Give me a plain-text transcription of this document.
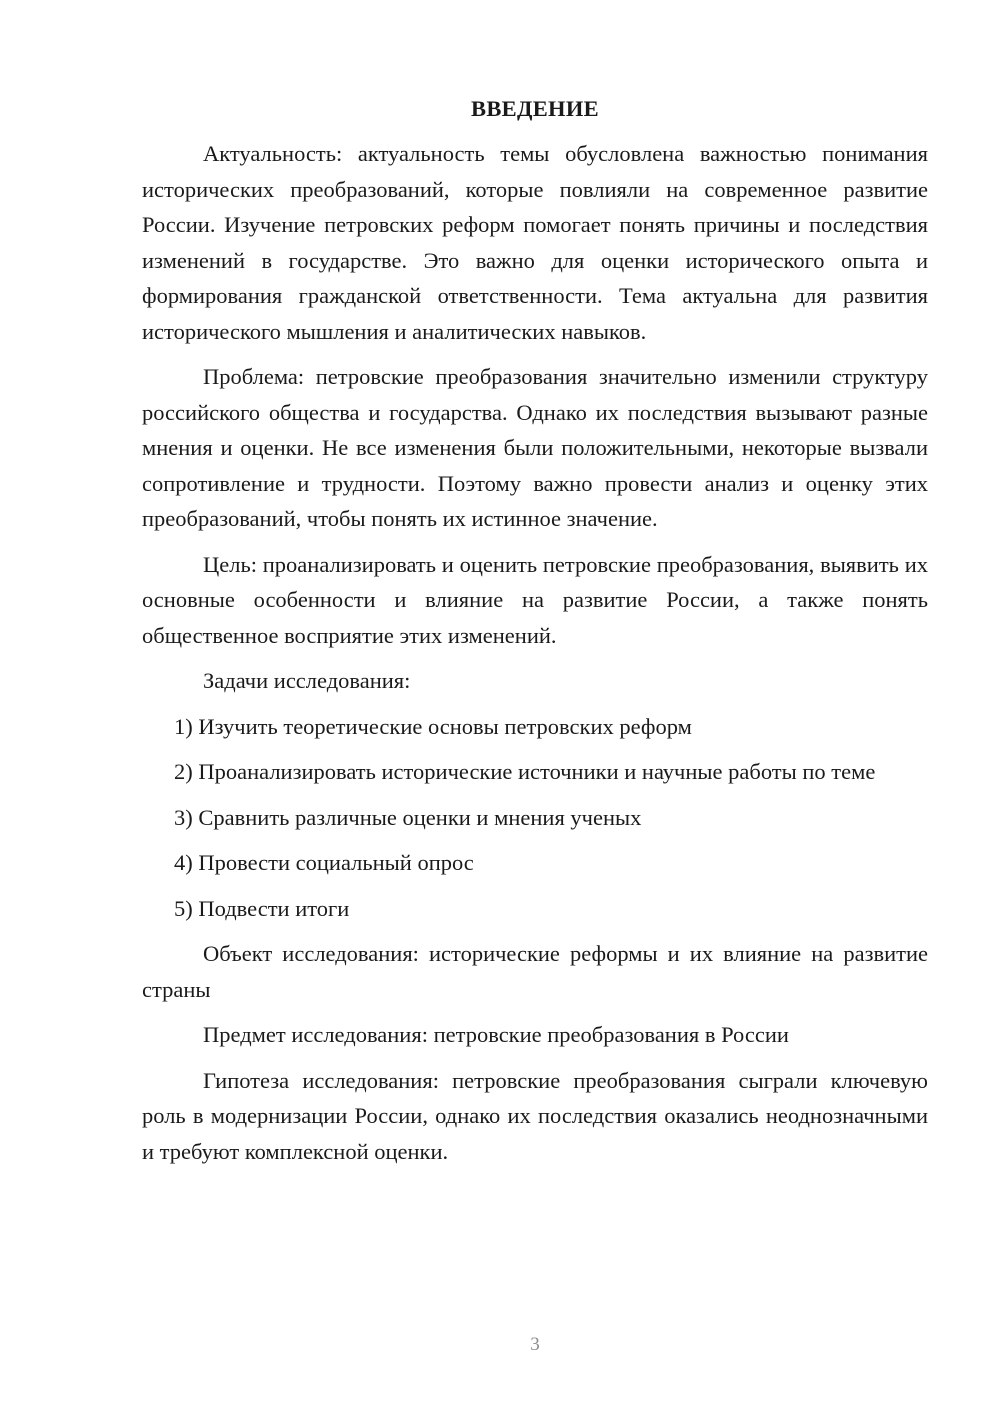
ВВЕДЕНИЕ

Актуальность: актуальность темы обусловлена важностью понимания исторических преобразований, которые повлияли на современное развитие России. Изучение петровских реформ помогает понять причины и последствия изменений в государстве. Это важно для оценки исторического опыта и формирования гражданской ответственности. Тема актуальна для развития исторического мышления и аналитических навыков.

Проблема: петровские преобразования значительно изменили структуру российского общества и государства. Однако их последствия вызывают разные мнения и оценки. Не все изменения были положительными, некоторые вызвали сопротивление и трудности. Поэтому важно провести анализ и оценку этих преобразований, чтобы понять их истинное значение.

Цель: проанализировать и оценить петровские преобразования, выявить их основные особенности и влияние на развитие России, а также понять общественное восприятие этих изменений.

Задачи исследования:

1) Изучить теоретические основы петровских реформ

2) Проанализировать исторические источники и научные работы по теме

3) Сравнить различные оценки и мнения ученых

4) Провести социальный опрос

5) Подвести итоги

Объект исследования: исторические реформы и их влияние на развитие страны

Предмет исследования: петровские преобразования в России

Гипотеза исследования: петровские преобразования сыграли ключевую роль в модернизации России, однако их последствия оказались неоднозначными и требуют комплексной оценки.

3
